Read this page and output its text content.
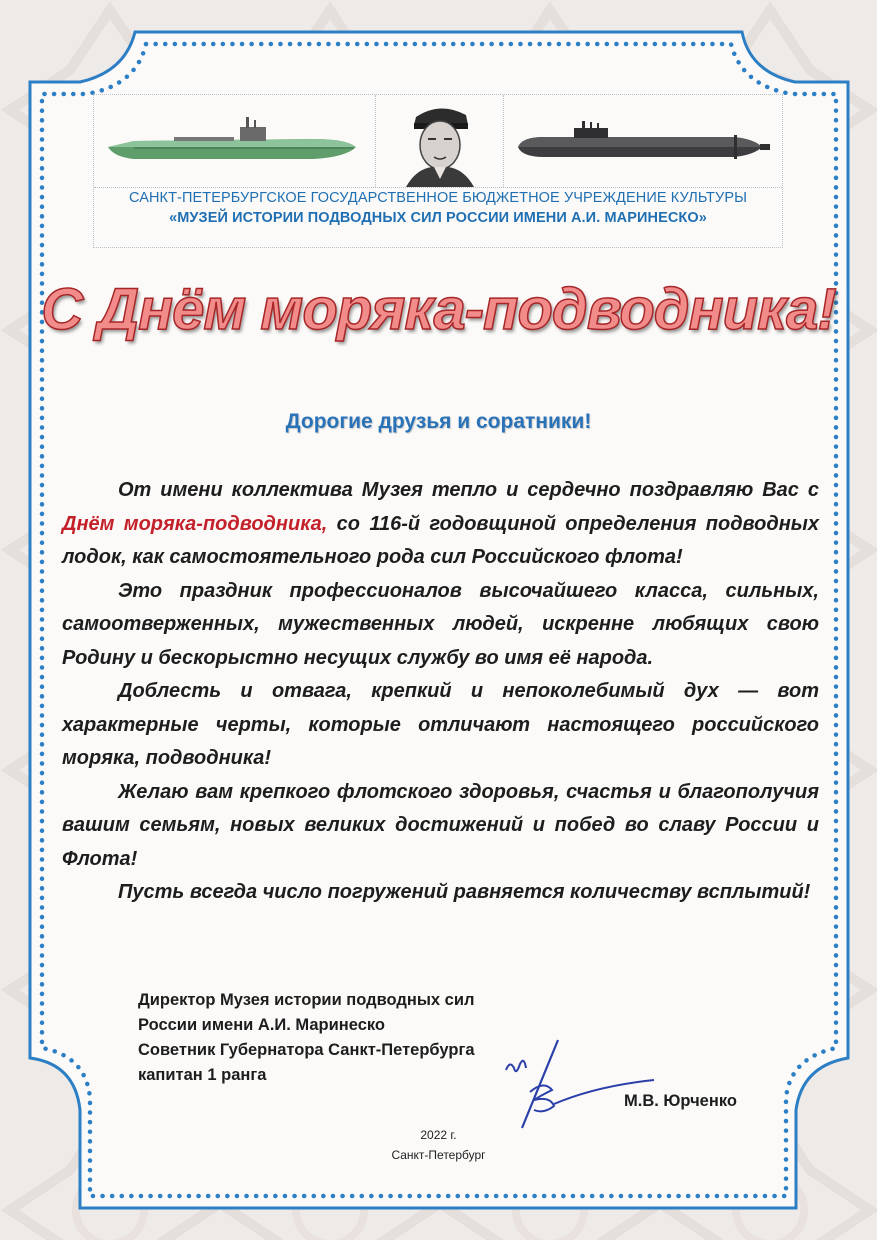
САНКТ-ПЕТЕРБУРГСКОЕ ГОСУДАРСТВЕННОЕ БЮДЖЕТНОЕ УЧРЕЖДЕНИЕ КУЛЬТУРЫ
«МУЗЕЙ ИСТОРИИ ПОДВОДНЫХ СИЛ РОССИИ ИМЕНИ А.И. МАРИНЕСКО»
С Днём моряка-подводника!
Дорогие друзья и соратники!

От имени коллектива Музея тепло и сердечно поздравляю Вас с Днём моряка-подводника, со 116-й годовщиной определения подводных лодок, как самостоятельного рода сил Российского флота!

Это праздник профессионалов высочайшего класса, сильных, самоотверженных, мужественных людей, искренне любящих свою Родину и бескорыстно несущих службу во имя её народа.

Доблесть и отвага, крепкий и непоколебимый дух — вот характерные черты, которые отличают настоящего российского моряка, подводника!

Желаю вам крепкого флотского здоровья, счастья и благополучия вашим семьям, новых великих достижений и побед во славу России и Флота!

Пусть всегда число погружений равняется количеству всплытий!

Директор Музея истории подводных сил
России имени А.И. Маринеско
Советник Губернатора Санкт-Петербурга
капитан 1 ранга
М.В. Юрченко
2022 г.
Санкт-Петербург
